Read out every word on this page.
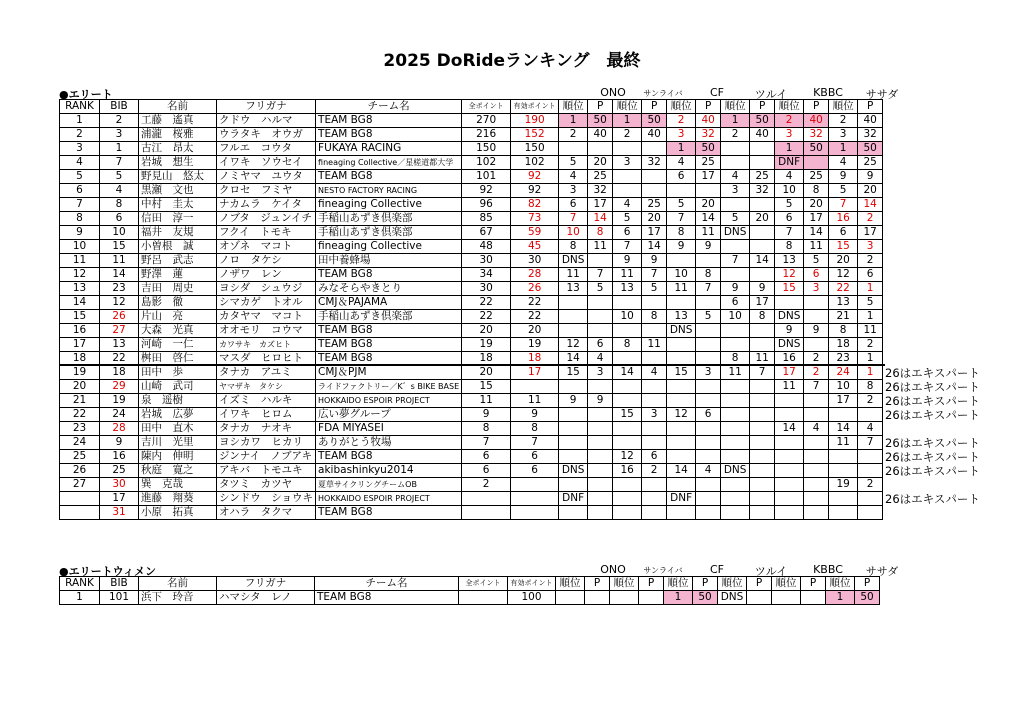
2025 DoRideランキング　最終
●エリート	ONO	サンライバ	CF	ツルイ	KBBC	ササダ
RANK	BIB	名前	フリガナ	チーム名	全ポイント	有効ポイント	順位	P	順位	P	順位	P	順位	P	順位	P	順位	P
1	2	工藤　遙真	クドウ　ハルマ	TEAM BG8	270	190	1	50	1	50	2	40	1	50	2	40	2	40
2	3	浦瀧　桜雅	ウラタキ　オウガ	TEAM BG8	216	152	2	40	2	40	3	32	2	40	3	32	3	32
3	1	古江　昂太	フルエ　コウタ	FUKAYA RACING	150	150					1	50			1	50	1	50
4	7	岩城　想生	イワキ　ソウセイ	fineaging Collective／星槎道都大学	102	102	5	20	3	32	4	25			DNF		4	25
5	5	野見山　悠太	ノミヤマ　ユウタ	TEAM BG8	101	92	4	25			6	17	4	25	4	25	9	9
6	4	黒瀬　文也	クロセ　フミヤ	NESTO FACTORY RACING	92	92	3	32					3	32	10	8	5	20
7	8	中村　圭太	ナカムラ　ケイタ	fineaging Collective	96	82	6	17	4	25	5	20			5	20	7	14
8	6	信田　淳一	ノブタ　ジュンイチ	手稲山あずき倶楽部	85	73	7	14	5	20	7	14	5	20	6	17	16	2
9	10	福井　友規	フクイ　トモキ	手稲山あずき倶楽部	67	59	10	8	6	17	8	11	DNS		7	14	6	17
10	15	小曽根　誠	オゾネ　マコト	fineaging Collective	48	45	8	11	7	14	9	9			8	11	15	3
11	11	野呂　武志	ノロ　タケシ	田中養蜂場	30	30	DNS		9	9			7	14	13	5	20	2
12	14	野澤　蓮	ノザワ　レン	TEAM BG8	34	28	11	7	11	7	10	8			12	6	12	6
13	23	吉田　周史	ヨシダ　シュウジ	みなそらやきとり	30	26	13	5	13	5	11	7	9	9	15	3	22	1
14	12	島影　徹	シマカゲ　トオル	CMJ＆PAJAMA	22	22							6	17			13	5
15	26	片山　亮	カタヤマ　マコト	手稲山あずき倶楽部	22	22			10	8	13	5	10	8	DNS		21	1
16	27	大森　光真	オオモリ　コウマ	TEAM BG8	20	20					DNS				9	9	8	11
17	13	河崎　一仁	カワサキ　カズヒト	TEAM BG8	19	19	12	6	8	11					DNS		18	2
18	22	桝田　啓仁	マスダ　ヒロヒト	TEAM BG8	18	18	14	4					8	11	16	2	23	1
19	18	田中　歩	タナカ　アユミ	CMJ＆PJM	20	17	15	3	14	4	15	3	11	7	17	2	24	1
20	29	山崎　武司	ヤマザキ　タケシ	ライドファクトリー／K゛s BIKE BASE	15										11	7	10	8
21	19	泉　遥樹	イズミ　ハルキ	HOKKAIDO ESPOIR PROJECT	11	11	9	9									17	2
22	24	岩城　広夢	イワキ　ヒロム	広い夢グループ	9	9			15	3	12	6						
23	28	田中　直木	タナカ　ナオキ	FDA MIYASEI	8	8									14	4	14	4
24	9	吉川　光里	ヨシカワ　ヒカリ	ありがとう牧場	7	7											11	7
25	16	陳内　伸明	ジンナイ　ノブアキ	TEAM BG8	6	6			12	6								
26	25	秋庭　寛之	アキバ　トモユキ	akibashinkyu2014	6	6	DNS		16	2	14	4	DNS					
27	30	巽　克哉	タツミ　カツヤ	夏草サイクリングチームOB	2												19	2
	17	進藤　翔葵	シンドウ　ショウキ	HOKKAIDO ESPOIR PROJECT			DNF				DNF							
	31	小原　拓真	オハラ　タクマ	TEAM BG8														
26はエキスパート
26はエキスパート
26はエキスパート
26はエキスパート
26はエキスパート
26はエキスパート
26はエキスパート
26はエキスパート
●エリートウィメン	ONO	サンライバ	CF	ツルイ	KBBC	ササダ
RANK	BIB	名前	フリガナ	チーム名	全ポイント	有効ポイント	順位	P	順位	P	順位	P	順位	P	順位	P	順位	P
1	101	浜下　玲音	ハマシタ　レノ	TEAM BG8		100					1	50	DNS				1	50
